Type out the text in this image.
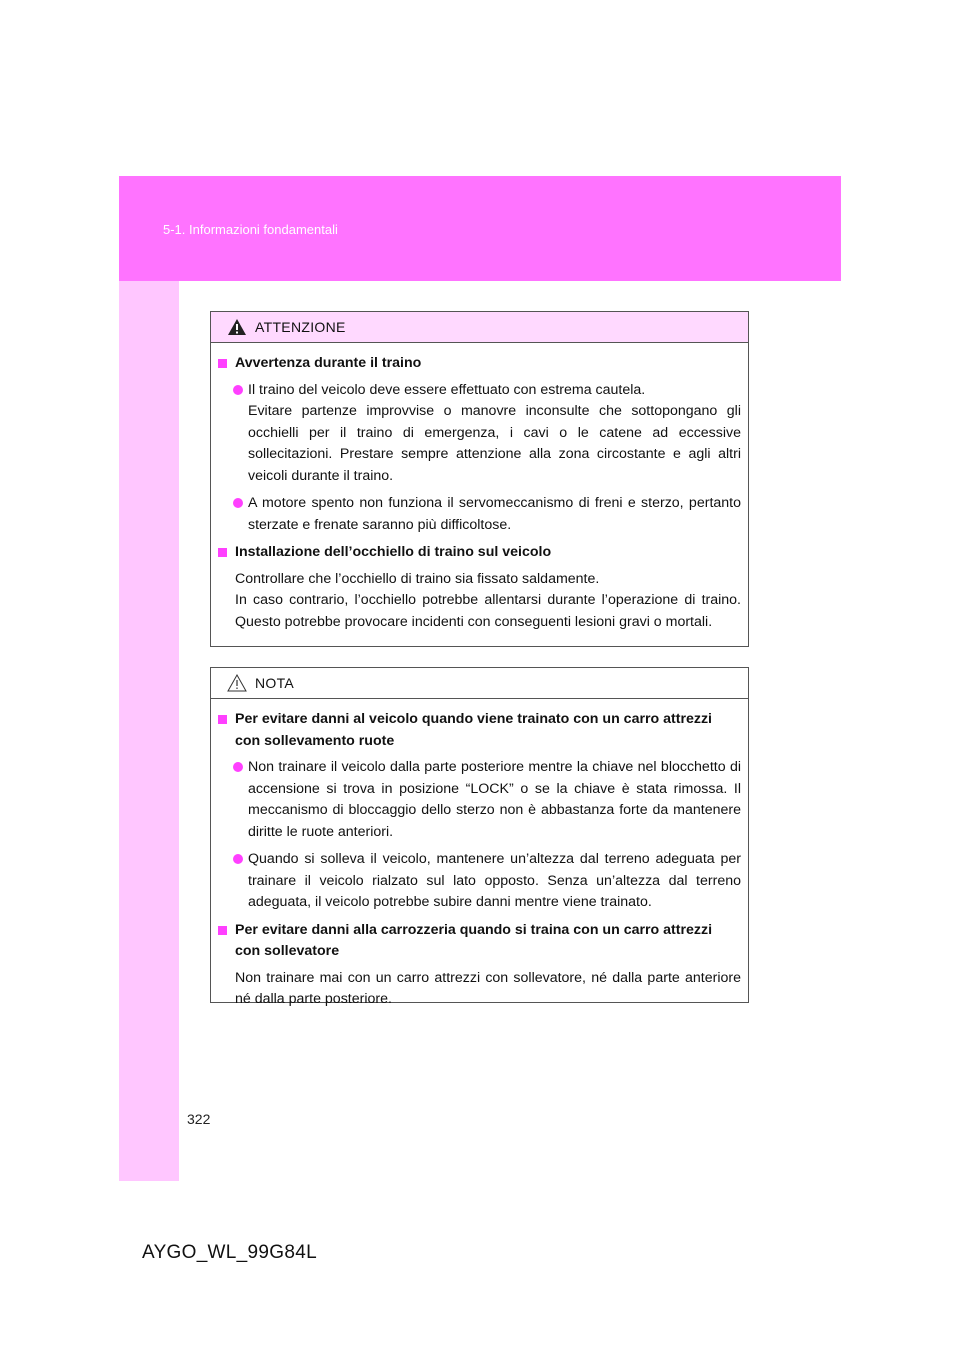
5-1. Informazioni fondamentali
ATTENZIONE
Avvertenza durante il traino
Il traino del veicolo deve essere effettuato con estrema cautela.
Evitare partenze improvvise o manovre inconsulte che sottopongano gli occhielli per il traino di emergenza, i cavi o le catene ad eccessive sollecitazioni. Prestare sempre attenzione alla zona circostante e agli altri veicoli durante il traino.
A motore spento non funziona il servomeccanismo di freni e sterzo, pertanto sterzate e frenate saranno più difficoltose.
Installazione dell’occhiello di traino sul veicolo
Controllare che l’occhiello di traino sia fissato saldamente.
In caso contrario, l’occhiello potrebbe allentarsi durante l’operazione di traino. Questo potrebbe provocare incidenti con conseguenti lesioni gravi o mortali.
NOTA
Per evitare danni al veicolo quando viene trainato con un carro attrezzi con sollevamento ruote
Non trainare il veicolo dalla parte posteriore mentre la chiave nel blocchetto di accensione si trova in posizione “LOCK” o se la chiave è stata rimossa. Il meccanismo di bloccaggio dello sterzo non è abbastanza forte da mantenere diritte le ruote anteriori.
Quando si solleva il veicolo, mantenere un’altezza dal terreno adeguata per trainare il veicolo rialzato sul lato opposto. Senza un’altezza dal terreno adeguata, il veicolo potrebbe subire danni mentre viene trainato.
Per evitare danni alla carrozzeria quando si traina con un carro attrezzi con sollevatore
Non trainare mai con un carro attrezzi con sollevatore, né dalla parte anteriore né dalla parte posteriore.
322
AYGO_WL_99G84L
